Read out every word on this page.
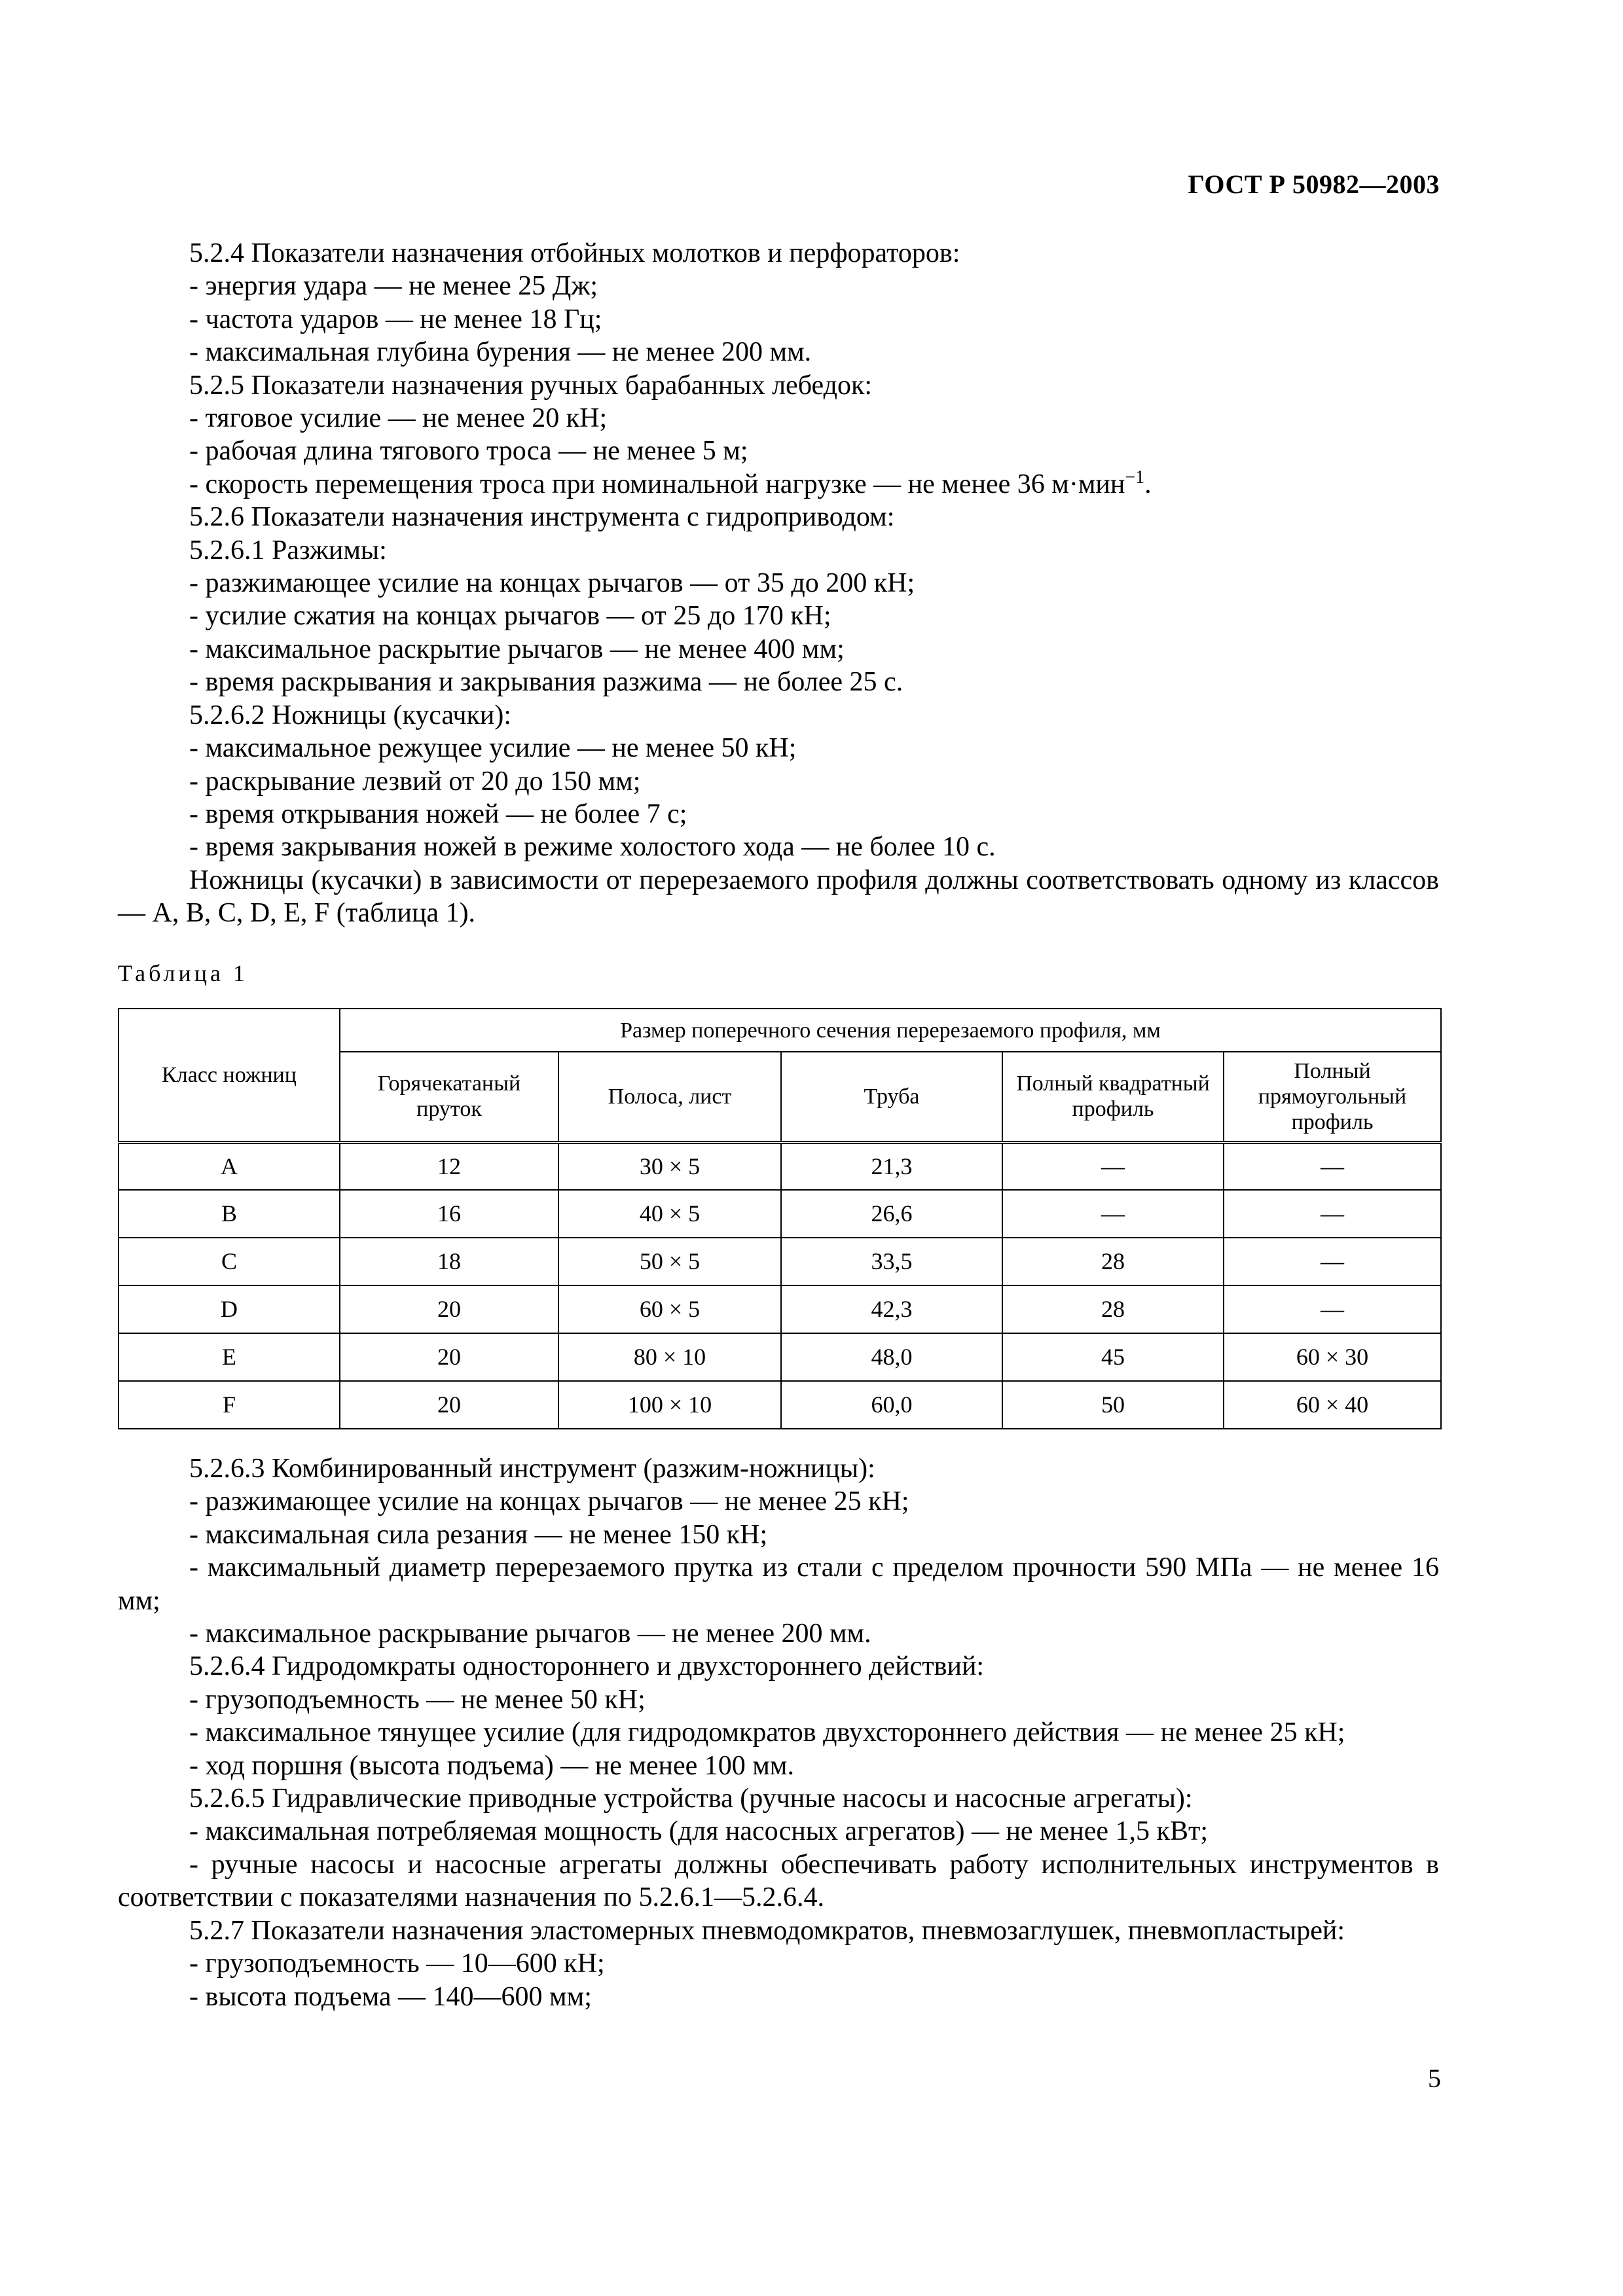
ГОСТ Р 50982—2003

5.2.4 Показатели назначения отбойных молотков и перфораторов:

- энергия удара — не менее 25 Дж;

- частота ударов — не менее 18 Гц;

- максимальная глубина бурения — не менее 200 мм.

5.2.5 Показатели назначения ручных барабанных лебедок:

- тяговое усилие — не менее 20 кН;

- рабочая длина тягового троса — не менее 5 м;

- скорость перемещения троса при номинальной нагрузке — не менее 36 м·мин$^{-1}$.

5.2.6 Показатели назначения инструмента с гидроприводом:

5.2.6.1 Разжимы:

- разжимающее усилие на концах рычагов — от 35 до 200 кН;

- усилие сжатия на концах рычагов — от 25 до 170 кН;

- максимальное раскрытие рычагов — не менее 400 мм;

- время раскрывания и закрывания разжима — не более 25 с.

5.2.6.2 Ножницы (кусачки):

- максимальное режущее усилие — не менее 50 кН;

- раскрывание лезвий от 20 до 150 мм;

- время открывания ножей — не более 7 с;

- время закрывания ножей в режиме холостого хода — не более 10 с.

Ножницы (кусачки) в зависимости от перерезаемого профиля должны соответствовать одному из классов — A, B, C, D, E, F (таблица 1).

Таблица 1
Класс ножниц	Размер поперечного сечения перерезаемого профиля, мм				
	Горячекатаный пруток	Полоса, лист	Труба	Полный квадратный профиль	Полный прямоугольный профиль
A	12	30 × 5	21,3	—	—
B	16	40 × 5	26,6	—	—
C	18	50 × 5	33,5	28	—
D	20	60 × 5	42,3	28	—
E	20	80 × 10	48,0	45	60 × 30
F	20	100 × 10	60,0	50	60 × 40

5.2.6.3 Комбинированный инструмент (разжим-ножницы):

- разжимающее усилие на концах рычагов — не менее 25 кН;

- максимальная сила резания — не менее 150 кН;

- максимальный диаметр перерезаемого прутка из стали с пределом прочности 590 МПа — не менее 16 мм;

- максимальное раскрывание рычагов — не менее 200 мм.

5.2.6.4 Гидродомкраты одностороннего и двухстороннего действий:

- грузоподъемность — не менее 50 кН;

- максимальное тянущее усилие (для гидродомкратов двухстороннего действия — не менее 25 кН;

- ход поршня (высота подъема) — не менее 100 мм.

5.2.6.5 Гидравлические приводные устройства (ручные насосы и насосные агрегаты):

- максимальная потребляемая мощность (для насосных агрегатов) — не менее 1,5 кВт;

- ручные насосы и насосные агрегаты должны обеспечивать работу исполнительных инструментов в соответствии с показателями назначения по 5.2.6.1—5.2.6.4.

5.2.7 Показатели назначения эластомерных пневмодомкратов, пневмозаглушек, пневмопластырей:

- грузоподъемность — 10—600 кН;

- высота подъема — 140—600 мм;

5
